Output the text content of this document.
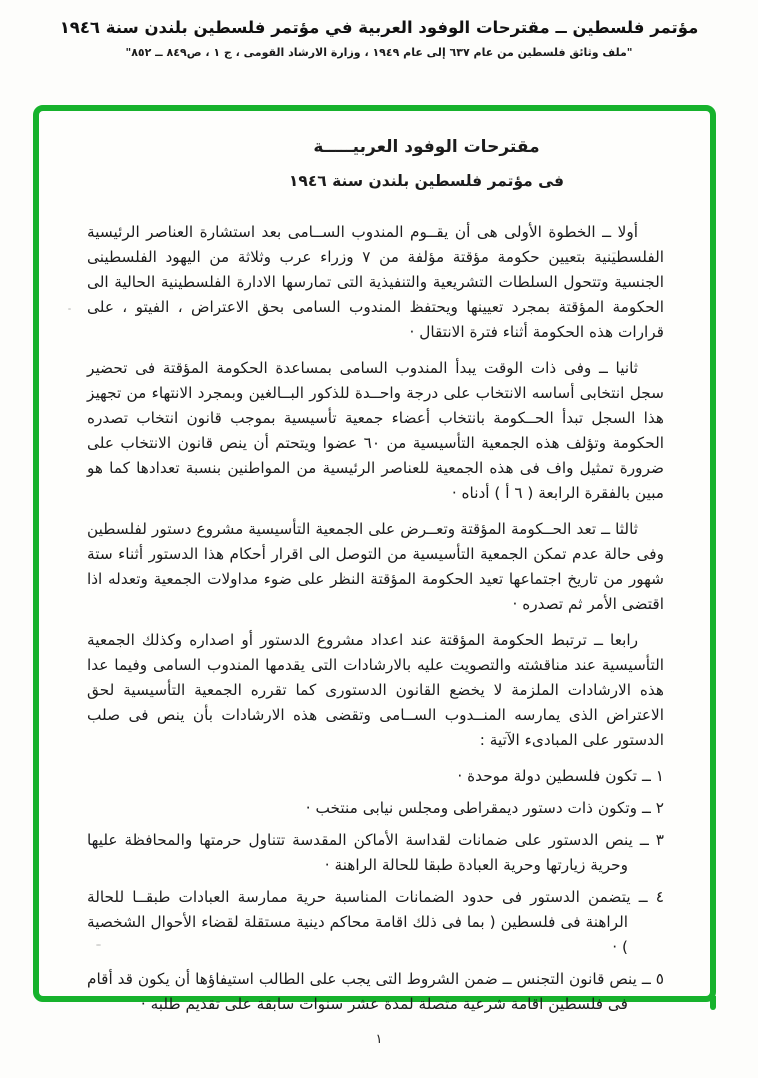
مؤتمر فلسطين ــ مقترحات الوفود العربية في مؤتمر فلسطين بلندن سنة ١٩٤٦
"ملف وثائق فلسطين من عام ٦٣٧ إلى عام ١٩٤٩ ، وزارة الارشاد القومى ، ج ١ ، ص٨٤٩ ــ ٨٥٢"
مقترحات الوفود العربيـــــة
فى مؤتمر فلسطين بلندن سنة ١٩٤٦

أولا ــ الخطوة الأولى هى أن يقــوم المندوب الســامى بعد استشارة العناصر الرئيسية الفلسطينية بتعيين حكومة مؤقتة مؤلفة من ٧ وزراء عرب وثلاثة من اليهود الفلسطينى الجنسية وتتحول السلطات التشريعية والتنفيذية التى تمارسها الادارة الفلسطينية الحالية الى الحكومة المؤقتة بمجرد تعيينها ويحتفظ المندوب السامى بحق الاعتراض ، الفيتو ، على قرارات هذه الحكومة أثناء فترة الانتقال ·

ثانيا ــ وفى ذات الوقت يبدأ المندوب السامى بمساعدة الحكومة المؤقتة فى تحضير سجل انتخابى أساسه الانتخاب على درجة واحــدة للذكور البــالغين وبمجرد الانتهاء من تجهيز هذا السجل تبدأ الحــكومة بانتخاب أعضاء جمعية تأسيسية بموجب قانون انتخاب تصدره الحكومة وتؤلف هذه الجمعية التأسيسية من ٦٠ عضوا ويتحتم أن ينص قانون الانتخاب على ضرورة تمثيل واف فى هذه الجمعية للعناصر الرئيسية من المواطنين بنسبة تعدادها كما هو مبين بالفقرة الرابعة ( ٦ أ ) أدناه ·

ثالثا ــ تعد الحــكومة المؤقتة وتعــرض على الجمعية التأسيسية مشروع دستور لفلسطين وفى حالة عدم تمكن الجمعية التأسيسية من التوصل الى اقرار أحكام هذا الدستور أثناء ستة شهور من تاريخ اجتماعها تعيد الحكومة المؤقتة النظر على ضوء مداولات الجمعية وتعدله اذا اقتضى الأمر ثم تصدره ·

رابعا ــ ترتبط الحكومة المؤقتة عند اعداد مشروع الدستور أو اصداره وكذلك الجمعية التأسيسية عند مناقشته والتصويت عليه بالارشادات التى يقدمها المندوب السامى وفيما عدا هذه الارشادات الملزمة لا يخضع القانون الدستورى كما تقرره الجمعية التأسيسية لحق الاعتراض الذى يمارسه المنــدوب الســامى وتقضى هذه الارشادات بأن ينص فى صلب الدستور على المبادىء الآتية :

١ ــ تكون فلسطين دولة موحدة ·
٢ ــ وتكون ذات دستور ديمقراطى ومجلس نيابى منتخب ·
٣ ــ ينص الدستور على ضمانات لقداسة الأماكن المقدسة تتناول حرمتها والمحافظة عليها وحرية زيارتها وحرية العبادة طبقا للحالة الراهنة ·
٤ ــ يتضمن الدستور فى حدود الضمانات المناسبة حرية ممارسة العبادات طبقــا للحالة الراهنة فى فلسطين ( بما فى ذلك اقامة محاكم دينية مستقلة لقضاء الأحوال الشخصية ) ·
٥ ــ ينص قانون التجنس ــ ضمن الشروط التى يجب على الطالب استيفاؤها أن يكون قد أقام فى فلسطين اقامة شرعية متصلة لمدة عشر سنوات سابقة على تقديم طلبه ·
١
